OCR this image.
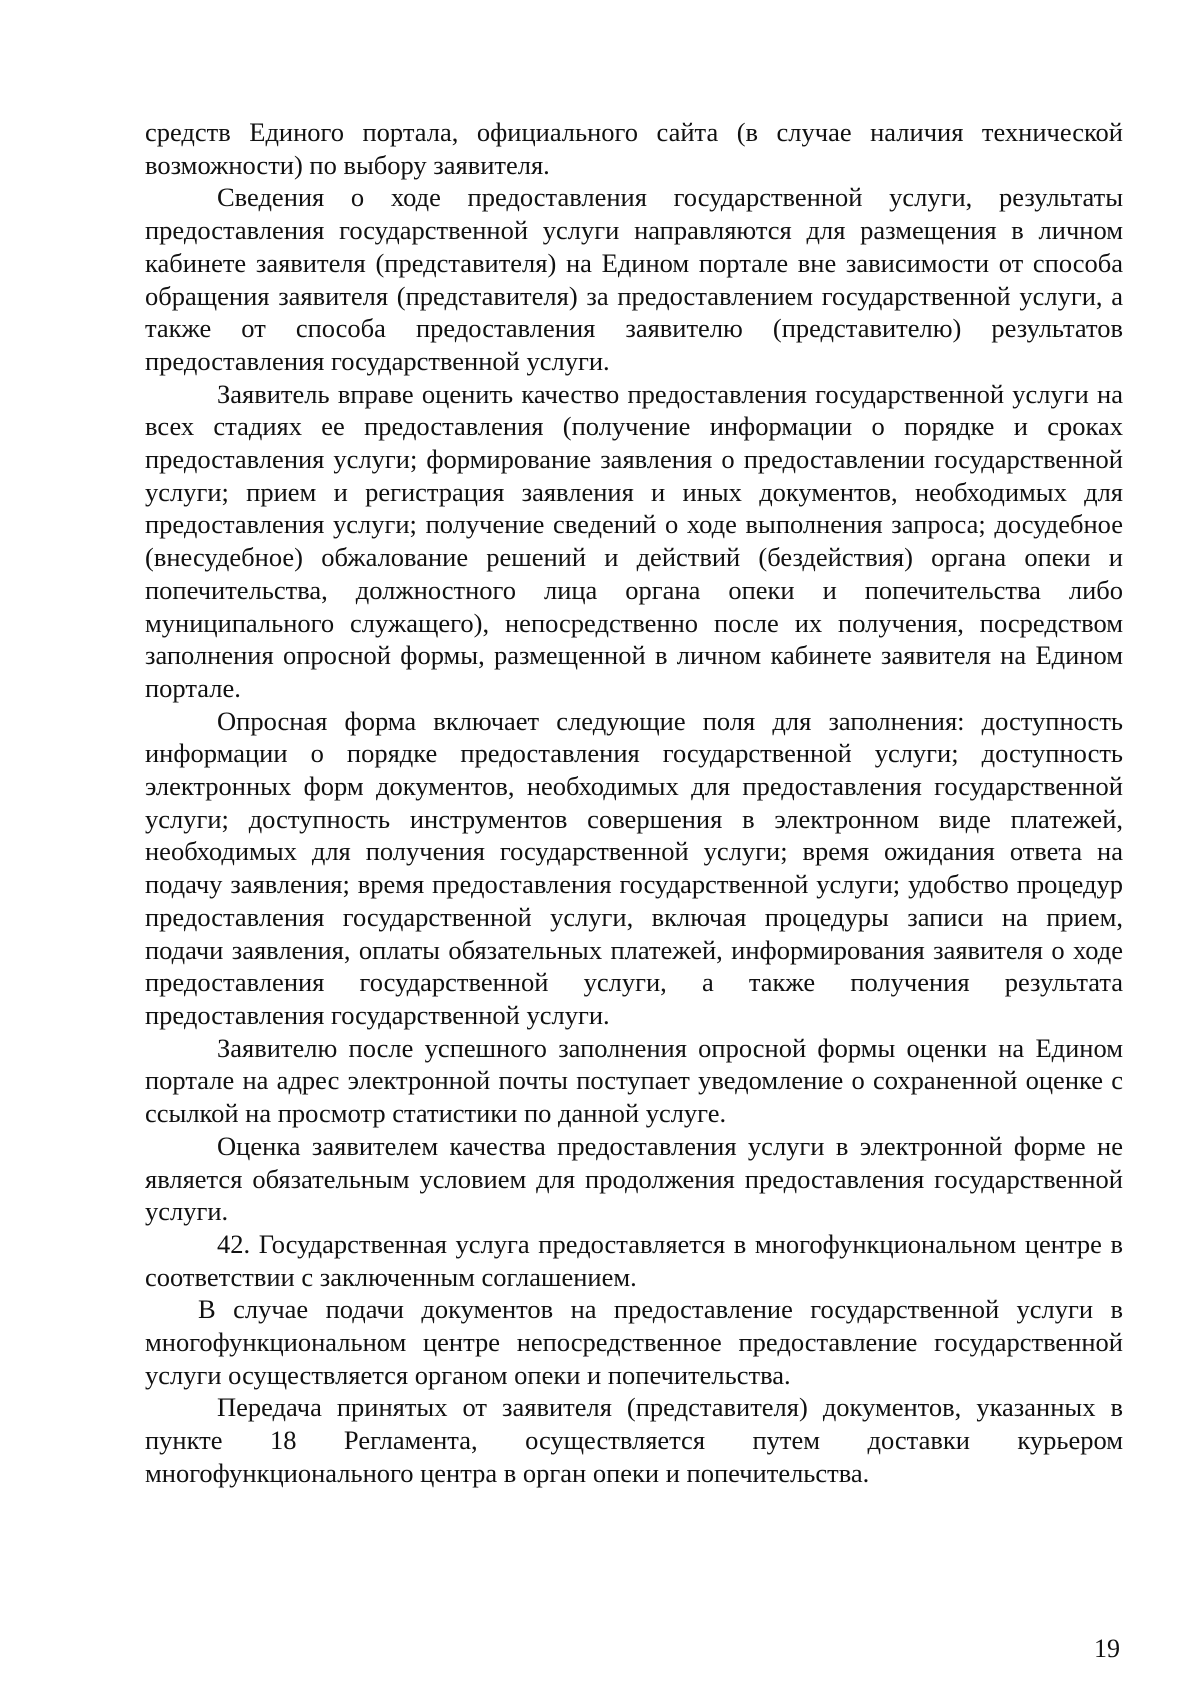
средств Единого портала, официального сайта (в случае наличия технической возможности) по выбору заявителя.

Сведения о ходе предоставления государственной услуги, результаты предоставления государственной услуги направляются для размещения в личном кабинете заявителя (представителя) на Едином портале вне зависимости от способа обращения заявителя (представителя) за предоставлением государственной услуги, а также от способа предоставления заявителю (представителю) результатов предоставления государственной услуги.

Заявитель вправе оценить качество предоставления государственной услуги на всех стадиях ее предоставления (получение информации о порядке и сроках предоставления услуги; формирование заявления о предоставлении государственной услуги; прием и регистрация заявления и иных документов, необходимых для предоставления услуги; получение сведений о ходе выполнения запроса; досудебное (внесудебное) обжалование решений и действий (бездействия) органа опеки и попечительства, должностного лица органа опеки и попечительства либо муниципального служащего), непосредственно после их получения, посредством заполнения опросной формы, размещенной в личном кабинете заявителя на Едином портале.

Опросная форма включает следующие поля для заполнения: доступность информации о порядке предоставления государственной услуги; доступность электронных форм документов, необходимых для предоставления государственной услуги; доступность инструментов совершения в электронном виде платежей, необходимых для получения государственной услуги; время ожидания ответа на подачу заявления; время предоставления государственной услуги; удобство процедур предоставления государственной услуги, включая процедуры записи на прием, подачи заявления, оплаты обязательных платежей, информирования заявителя о ходе предоставления государственной услуги, а также получения результата предоставления государственной услуги.

Заявителю после успешного заполнения опросной формы оценки на Едином портале на адрес электронной почты поступает уведомление о сохраненной оценке с ссылкой на просмотр статистики по данной услуге.

Оценка заявителем качества предоставления услуги в электронной форме не является обязательным условием для продолжения предоставления государственной услуги.

42. Государственная услуга предоставляется в многофункциональном центре в соответствии с заключенным соглашением.

В случае подачи документов на предоставление государственной услуги в многофункциональном центре непосредственное предоставление государственной услуги осуществляется органом опеки и попечительства.

Передача принятых от заявителя (представителя) документов, указанных в пункте 18 Регламента, осуществляется путем доставки курьером многофункционального центра в орган опеки и попечительства.

19
